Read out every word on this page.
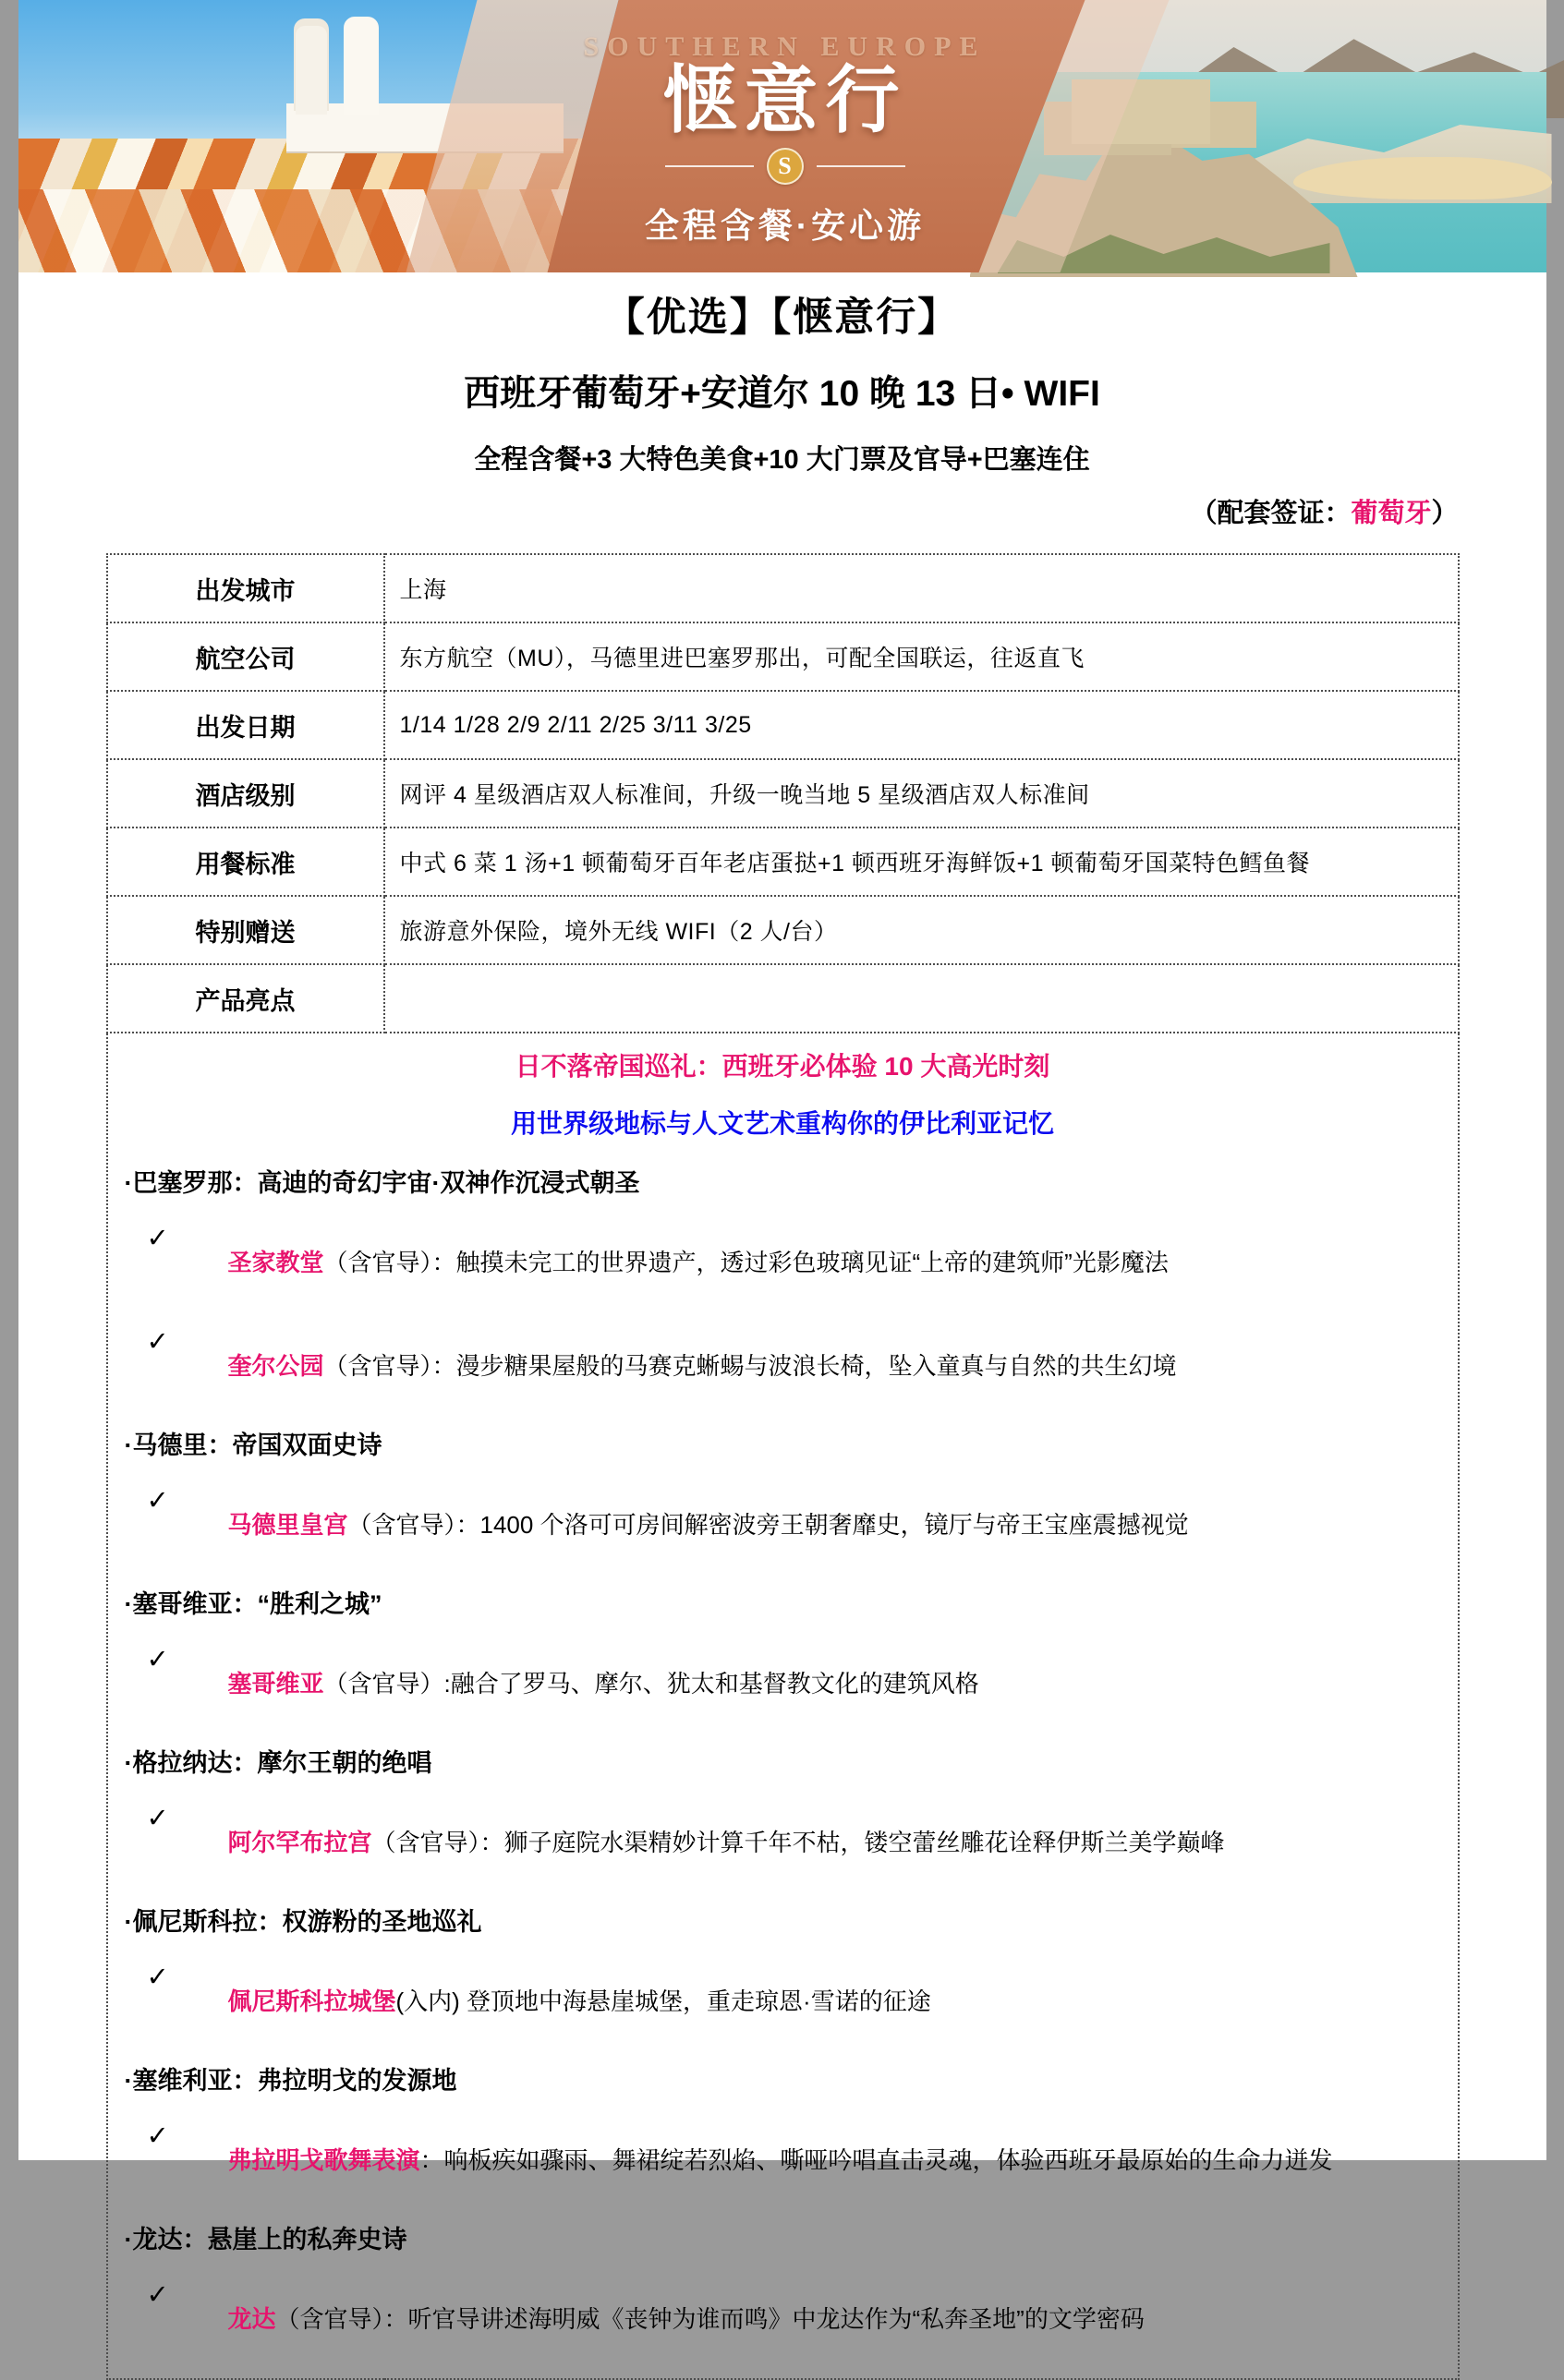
SOUTHERN EUROPE
惬意行
S
全程含餐·安心游
【优选】【惬意行】
西班牙葡萄牙+安道尔 10 晚 13 日• WIFI
全程含餐+3 大特色美食+10 大门票及官导+巴塞连住
（配套签证：葡萄牙）
出发城市	上海
航空公司	东方航空（MU），马德里进巴塞罗那出，可配全国联运，往返直飞
出发日期	1/14 1/28 2/9 2/11 2/25 3/11 3/25
酒店级别	网评 4 星级酒店双人标准间，升级一晚当地 5 星级酒店双人标准间
用餐标准	中式 6 菜 1 汤+1 顿葡萄牙百年老店蛋挞+1 顿西班牙海鲜饭+1 顿葡萄牙国菜特色鳕鱼餐
特别赠送	旅游意外保险，境外无线 WIFI（2 人/台）
产品亮点	

日不落帝国巡礼：西班牙必体验 10 大高光时刻
用世界级地标与人文艺术重构你的伊比利亚记忆
·巴塞罗那：高迪的奇幻宇宙·双神作沉浸式朝圣
✓

圣家教堂（含官导）：触摸未完工的世界遗产，透过彩色玻璃见证“上帝的建筑师”光影魔法

✓

奎尔公园（含官导）：漫步糖果屋般的马赛克蜥蜴与波浪长椅，坠入童真与自然的共生幻境

·马德里：帝国双面史诗
✓

马德里皇宫（含官导）：1400 个洛可可房间解密波旁王朝奢靡史，镜厅与帝王宝座震撼视觉

·塞哥维亚：“胜利之城”
✓

塞哥维亚（含官导）:融合了罗马、摩尔、犹太和基督教文化的建筑风格

·格拉纳达：摩尔王朝的绝唱
✓

阿尔罕布拉宫（含官导）：狮子庭院水渠精妙计算千年不枯，镂空蕾丝雕花诠释伊斯兰美学巅峰

·佩尼斯科拉：权游粉的圣地巡礼
✓

佩尼斯科拉城堡(入内) 登顶地中海悬崖城堡，重走琼恩·雪诺的征途

·塞维利亚：弗拉明戈的发源地
✓

弗拉明戈歌舞表演：响板疾如骤雨、舞裙绽若烈焰、嘶哑吟唱直击灵魂，体验西班牙最原始的生命力迸发

·龙达：悬崖上的私奔史诗
✓

龙达（含官导）：听官导讲述海明威《丧钟为谁而鸣》中龙达作为“私奔圣地”的文学密码
